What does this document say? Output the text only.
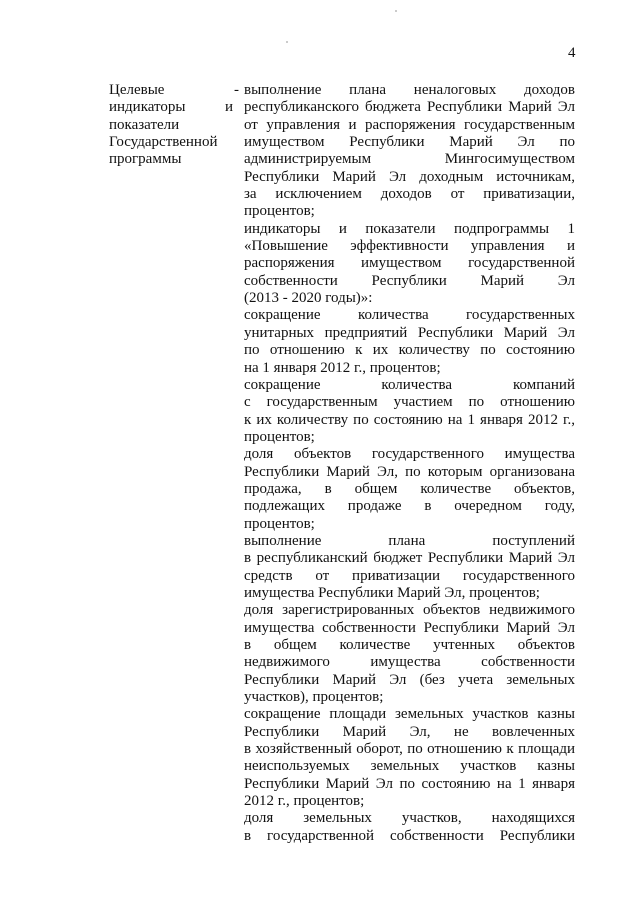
4
Целевые
индикаторы и
показатели
Государственной
программы
- выполнение плана неналоговых доходов
республиканского бюджета Республики Марий Эл
от управления и распоряжения государственным
имуществом Республики Марий Эл по
администрируемым Мингосимуществом
Республики Марий Эл доходным источникам,
за исключением доходов от приватизации,
процентов;
индикаторы и показатели подпрограммы 1
«Повышение эффективности управления и
распоряжения имуществом государственной
собственности Республики Марий Эл
(2013 - 2020 годы)»:
сокращение количества государственных
унитарных предприятий Республики Марий Эл
по отношению к их количеству по состоянию
на 1 января 2012 г., процентов;
сокращение количества компаний
с государственным участием по отношению
к их количеству по состоянию на 1 января 2012 г.,
процентов;
доля объектов государственного имущества
Республики Марий Эл, по которым организована
продажа, в общем количестве объектов,
подлежащих продаже в очередном году,
процентов;
выполнение плана поступлений
в республиканский бюджет Республики Марий Эл
средств от приватизации государственного
имущества Республики Марий Эл, процентов;
доля зарегистрированных объектов недвижимого
имущества собственности Республики Марий Эл
в общем количестве учтенных объектов
недвижимого имущества собственности
Республики Марий Эл (без учета земельных
участков), процентов;
сокращение площади земельных участков казны
Республики Марий Эл, не вовлеченных
в хозяйственный оборот, по отношению к площади
неиспользуемых земельных участков казны
Республики Марий Эл по состоянию на 1 января
2012 г., процентов;
доля земельных участков, находящихся
в государственной собственности Республики
